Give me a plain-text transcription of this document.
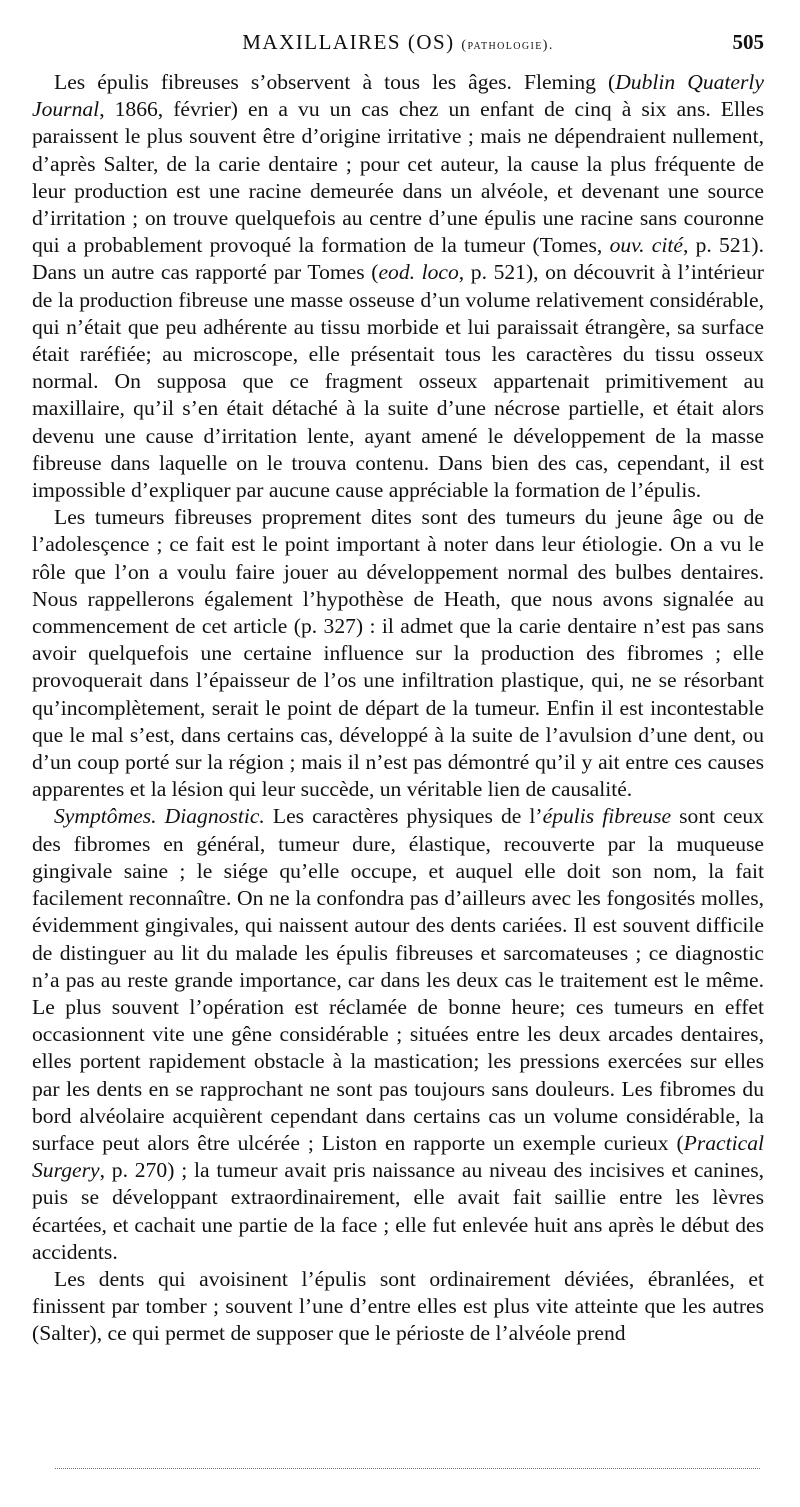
MAXILLAIRES (OS) (pathologie).	505

Les épulis fibreuses s’observent à tous les âges. Fleming (Dublin Quaterly Journal, 1866, février) en a vu un cas chez un enfant de cinq à six ans. Elles paraissent le plus souvent être d’origine irritative ; mais ne dépendraient nullement, d’après Salter, de la carie dentaire ; pour cet auteur, la cause la plus fréquente de leur production est une racine demeurée dans un alvéole, et devenant une source d’irritation ; on trouve quelquefois au centre d’une épulis une racine sans couronne qui a probablement provoqué la formation de la tumeur (Tomes, ouv. cité, p. 521). Dans un autre cas rapporté par Tomes (eod. loco, p. 521), on découvrit à l’intérieur de la production fibreuse une masse osseuse d’un volume relativement considérable, qui n’était que peu adhérente au tissu morbide et lui paraissait étrangère, sa surface était raréfiée; au microscope, elle présentait tous les caractères du tissu osseux normal. On supposa que ce fragment osseux appartenait primitivement au maxillaire, qu’il s’en était détaché à la suite d’une nécrose partielle, et était alors devenu une cause d’irritation lente, ayant amené le développement de la masse fibreuse dans laquelle on le trouva contenu. Dans bien des cas, cependant, il est impossible d’expliquer par aucune cause appréciable la formation de l’épulis.

Les tumeurs fibreuses proprement dites sont des tumeurs du jeune âge ou de l’adolesçence ; ce fait est le point important à noter dans leur étiologie. On a vu le rôle que l’on a voulu faire jouer au développement normal des bulbes dentaires. Nous rappellerons également l’hypothèse de Heath, que nous avons signalée au commencement de cet article (p. 327) : il admet que la carie dentaire n’est pas sans avoir quelquefois une certaine influence sur la production des fibromes ; elle provoquerait dans l’épaisseur de l’os une infiltration plastique, qui, ne se résorbant qu’incomplètement, serait le point de départ de la tumeur. Enfin il est incontestable que le mal s’est, dans certains cas, développé à la suite de l’avulsion d’une dent, ou d’un coup porté sur la région ; mais il n’est pas démontré qu’il y ait entre ces causes apparentes et la lésion qui leur succède, un véritable lien de causalité.

Symptômes. Diagnostic. Les caractères physiques de l’épulis fibreuse sont ceux des fibromes en général, tumeur dure, élastique, recouverte par la muqueuse gingivale saine ; le siége qu’elle occupe, et auquel elle doit son nom, la fait facilement reconnaître. On ne la confondra pas d’ailleurs avec les fongosités molles, évidemment gingivales, qui naissent autour des dents cariées. Il est souvent difficile de distinguer au lit du malade les épulis fibreuses et sarcomateuses ; ce diagnostic n’a pas au reste grande importance, car dans les deux cas le traitement est le même. Le plus souvent l’opération est réclamée de bonne heure; ces tumeurs en effet occasionnent vite une gêne considérable ; situées entre les deux arcades dentaires, elles portent rapidement obstacle à la mastication; les pressions exercées sur elles par les dents en se rapprochant ne sont pas toujours sans douleurs. Les fibromes du bord alvéolaire acquièrent cependant dans certains cas un volume considérable, la surface peut alors être ulcérée ; Liston en rapporte un exemple curieux (Practical Surgery, p. 270) ; la tumeur avait pris naissance au niveau des incisives et canines, puis se développant extraordinairement, elle avait fait saillie entre les lèvres écartées, et cachait une partie de la face ; elle fut enlevée huit ans après le début des accidents.

Les dents qui avoisinent l’épulis sont ordinairement déviées, ébranlées, et finissent par tomber ; souvent l’une d’entre elles est plus vite atteinte que les autres (Salter), ce qui permet de supposer que le périoste de l’alvéole prend
